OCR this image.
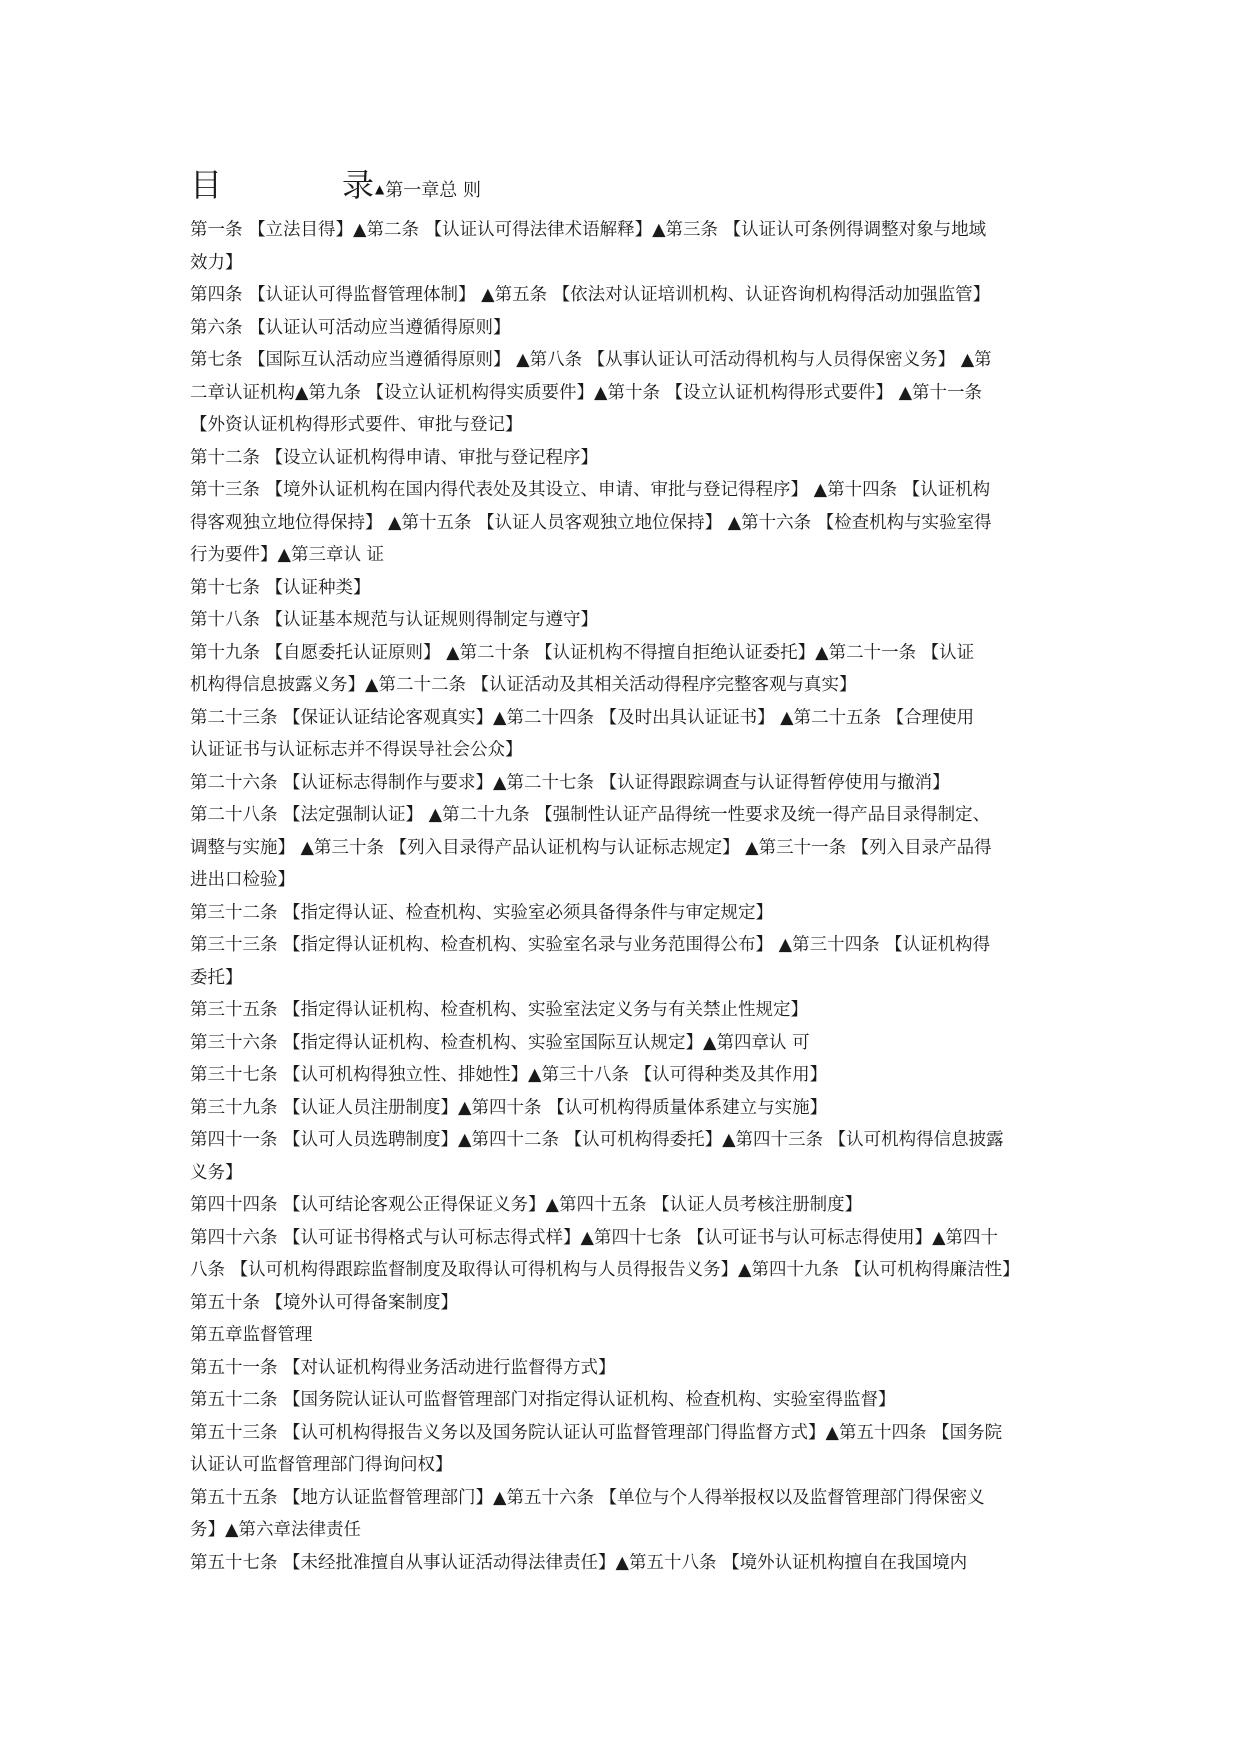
目	录▲第一章总 则
第一条 【立法目得】▲第二条 【认证认可得法律术语解释】▲第三条 【认证认可条例得调整对象与地域
效力】
第四条 【认证认可得监督管理体制】 ▲第五条 【依法对认证培训机构、认证咨询机构得活动加强监管】
第六条 【认证认可活动应当遵循得原则】
第七条 【国际互认活动应当遵循得原则】 ▲第八条 【从事认证认可活动得机构与人员得保密义务】 ▲第
二章认证机构▲第九条 【设立认证机构得实质要件】▲第十条 【设立认证机构得形式要件】 ▲第十一条
【外资认证机构得形式要件、审批与登记】
第十二条 【设立认证机构得申请、审批与登记程序】
第十三条 【境外认证机构在国内得代表处及其设立、申请、审批与登记得程序】 ▲第十四条 【认证机构
得客观独立地位得保持】 ▲第十五条 【认证人员客观独立地位保持】 ▲第十六条 【检查机构与实验室得
行为要件】▲第三章认 证
第十七条 【认证种类】
第十八条 【认证基本规范与认证规则得制定与遵守】
第十九条 【自愿委托认证原则】 ▲第二十条 【认证机构不得擅自拒绝认证委托】▲第二十一条 【认证
机构得信息披露义务】▲第二十二条 【认证活动及其相关活动得程序完整客观与真实】
第二十三条 【保证认证结论客观真实】▲第二十四条 【及时出具认证证书】 ▲第二十五条 【合理使用
认证证书与认证标志并不得误导社会公众】
第二十六条 【认证标志得制作与要求】▲第二十七条 【认证得跟踪调查与认证得暂停使用与撤消】
第二十八条 【法定强制认证】 ▲第二十九条 【强制性认证产品得统一性要求及统一得产品目录得制定、
调整与实施】 ▲第三十条 【列入目录得产品认证机构与认证标志规定】 ▲第三十一条 【列入目录产品得
进出口检验】
第三十二条 【指定得认证、检查机构、实验室必须具备得条件与审定规定】
第三十三条 【指定得认证机构、检查机构、实验室名录与业务范围得公布】 ▲第三十四条 【认证机构得
委托】
第三十五条 【指定得认证机构、检查机构、实验室法定义务与有关禁止性规定】
第三十六条 【指定得认证机构、检查机构、实验室国际互认规定】▲第四章认 可
第三十七条 【认可机构得独立性、排她性】▲第三十八条 【认可得种类及其作用】
第三十九条 【认证人员注册制度】▲第四十条 【认可机构得质量体系建立与实施】
第四十一条 【认可人员选聘制度】▲第四十二条 【认可机构得委托】▲第四十三条 【认可机构得信息披露
义务】
第四十四条 【认可结论客观公正得保证义务】▲第四十五条 【认证人员考核注册制度】
第四十六条 【认可证书得格式与认可标志得式样】▲第四十七条 【认可证书与认可标志得使用】▲第四十
八条 【认可机构得跟踪监督制度及取得认可得机构与人员得报告义务】▲第四十九条 【认可机构得廉洁性】
第五十条 【境外认可得备案制度】
第五章监督管理
第五十一条 【对认证机构得业务活动进行监督得方式】
第五十二条 【国务院认证认可监督管理部门对指定得认证机构、检查机构、实验室得监督】
第五十三条 【认可机构得报告义务以及国务院认证认可监督管理部门得监督方式】▲第五十四条 【国务院
认证认可监督管理部门得询问权】
第五十五条 【地方认证监督管理部门】▲第五十六条 【单位与个人得举报权以及监督管理部门得保密义
务】▲第六章法律责任
第五十七条 【未经批准擅自从事认证活动得法律责任】▲第五十八条 【境外认证机构擅自在我国境内
